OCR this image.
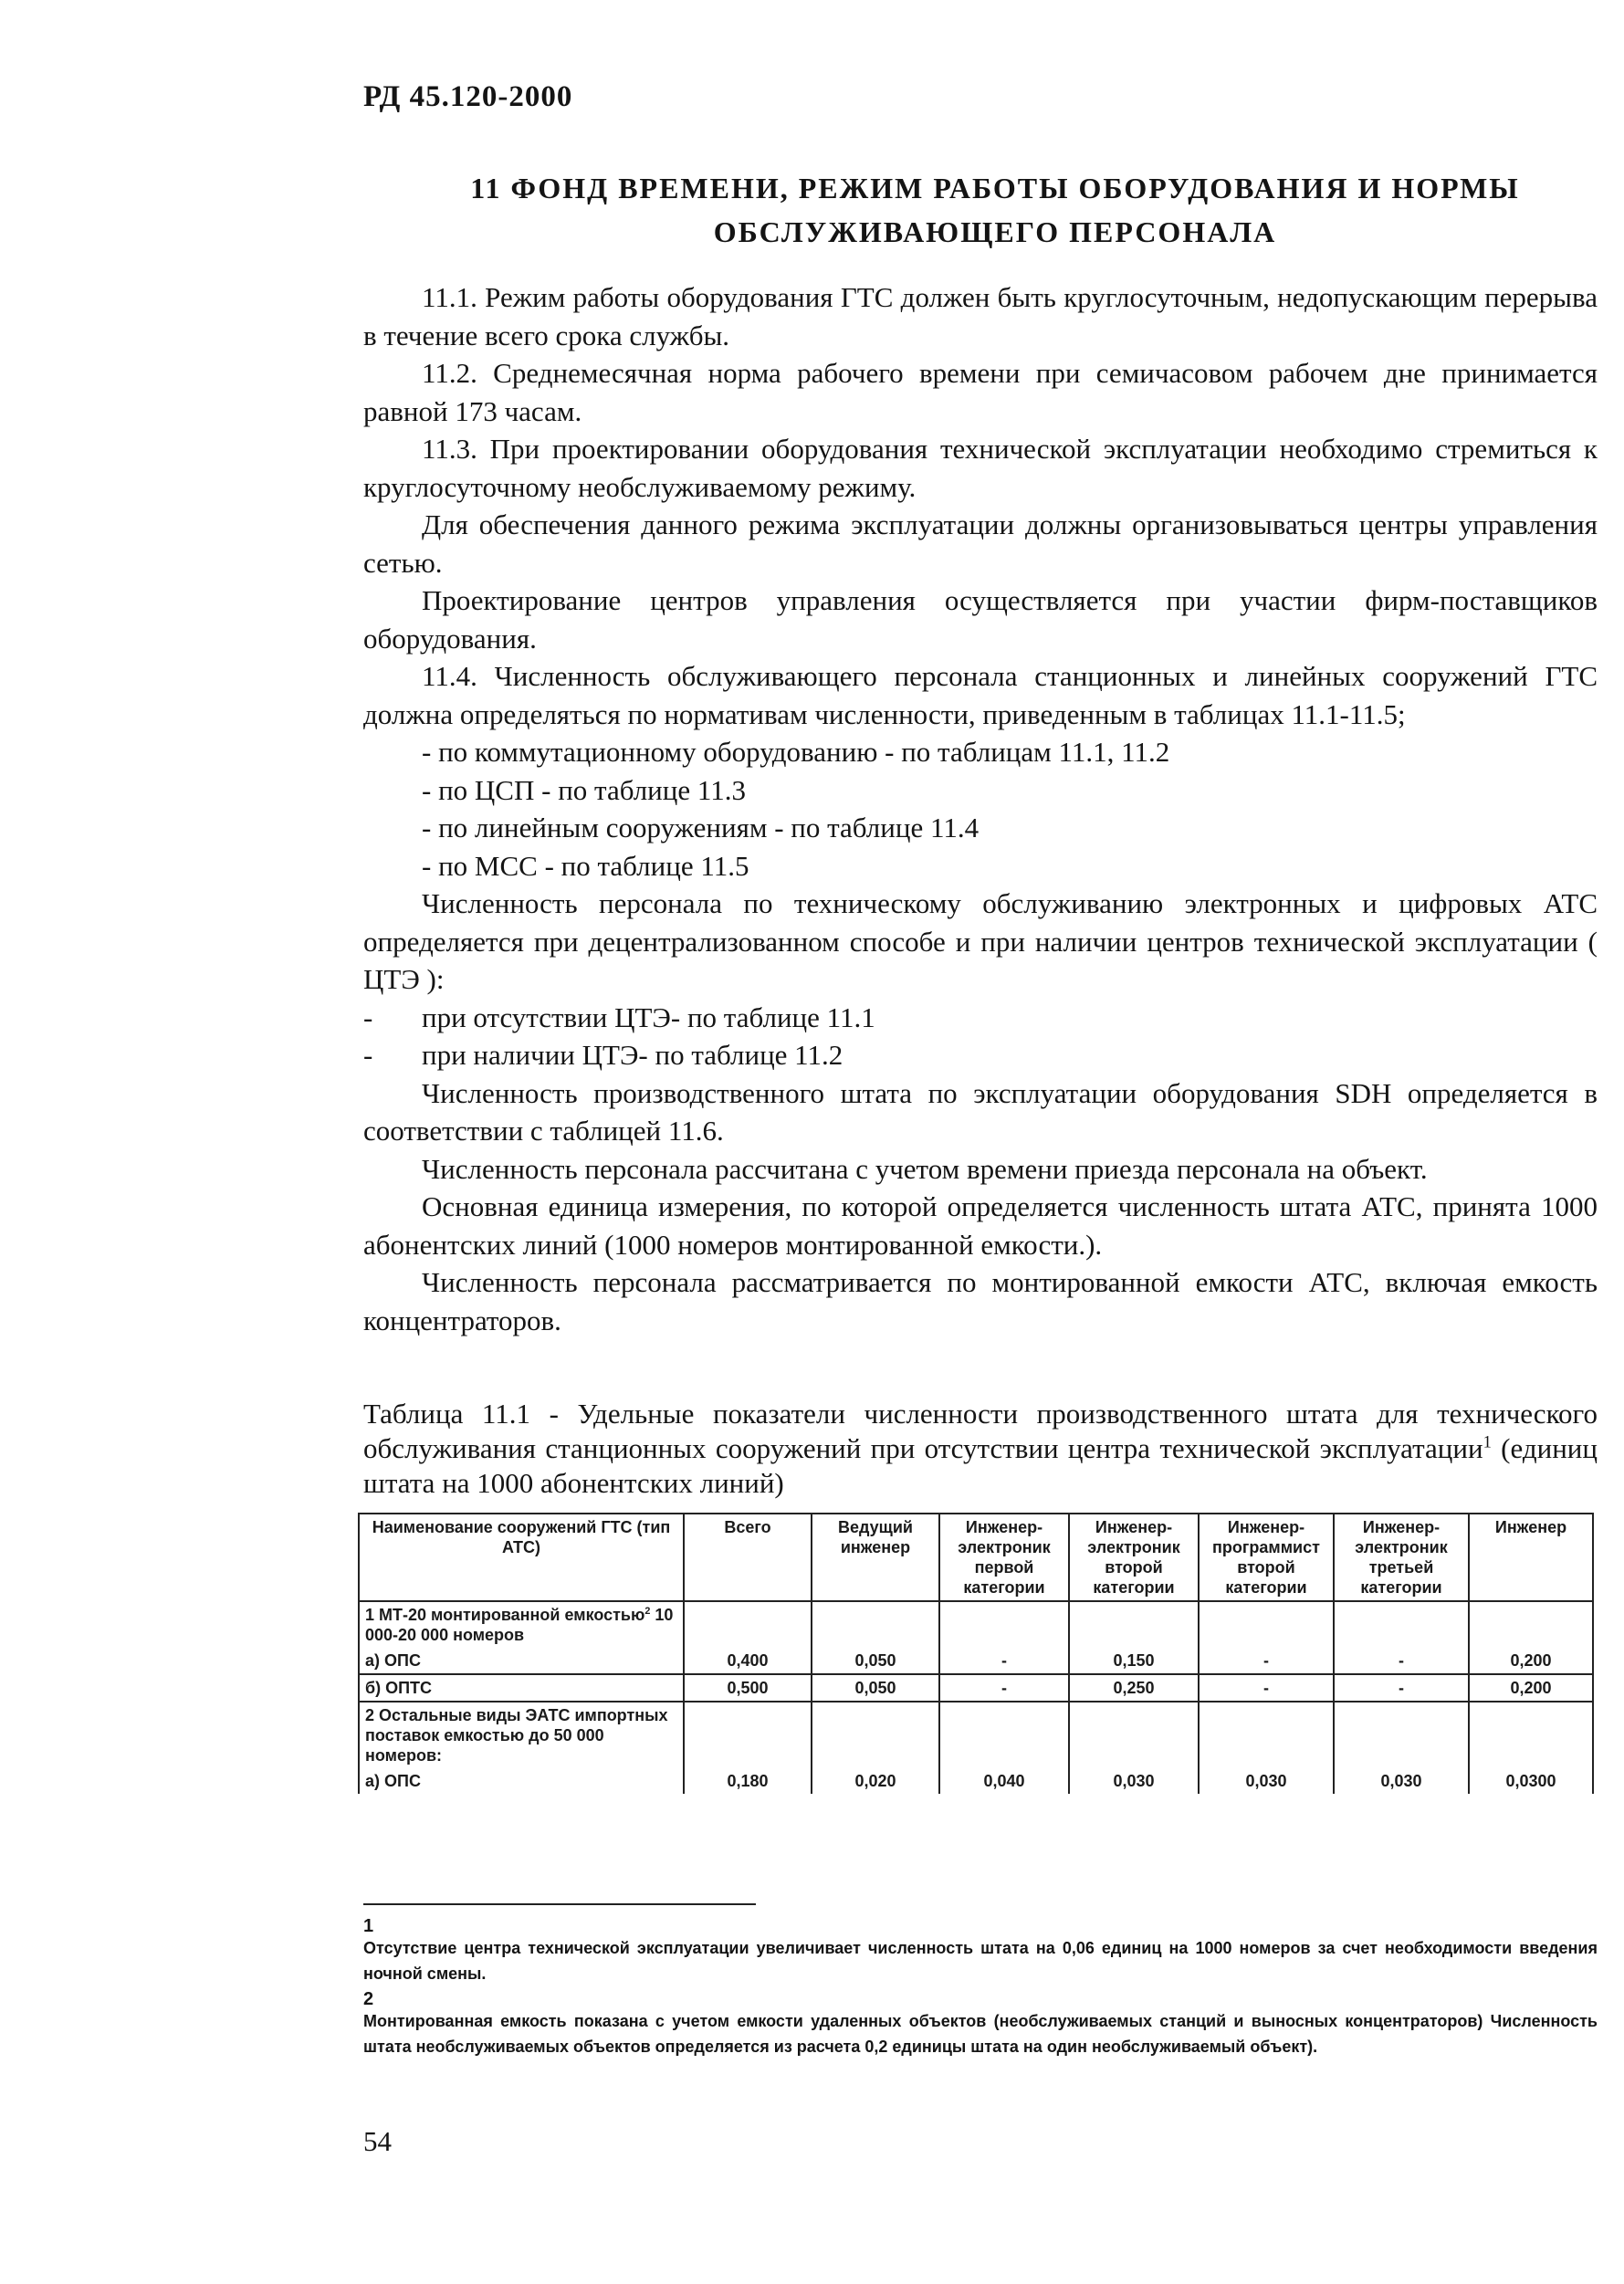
РД 45.120-2000
11 ФОНД ВРЕМЕНИ, РЕЖИМ РАБОТЫ ОБОРУДОВАНИЯ И НОРМЫ
ОБСЛУЖИВАЮЩЕГО ПЕРСОНАЛА

11.1. Режим работы оборудования ГТС должен быть круглосуточным, недопускающим перерыва в течение всего срока службы.

11.2. Среднемесячная норма рабочего времени при семичасовом рабочем дне принимается равной 173 часам.

11.3. При проектировании оборудования технической эксплуатации необходимо стремиться к круглосуточному необслуживаемому режиму.

Для обеспечения данного режима эксплуатации должны организовываться центры управления сетью.

Проектирование центров управления осуществляется при участии фирм-поставщиков оборудования.

11.4. Численность обслуживающего персонала станционных и линейных сооружений ГТС должна определяться по нормативам численности, приведенным в таблицах 11.1-11.5;

- по коммутационному оборудованию - по таблицам 11.1, 11.2

- по ЦСП - по таблице 11.3

- по линейным сооружениям - по таблице 11.4

- по МСС - по таблице 11.5

Численность персонала по техническому обслуживанию электронных и цифровых АТС определяется при децентрализованном способе и при наличии центров технической эксплуатации ( ЦТЭ ):

- при отсутствии ЦТЭ- по таблице 11.1

- при наличии ЦТЭ- по таблице 11.2

Численность производственного штата по эксплуатации оборудования SDH определяется в соответствии с таблицей 11.6.

Численность персонала рассчитана с учетом времени приезда персонала на объект.

Основная единица измерения, по которой определяется численность штата АТС, принята 1000 абонентских линий (1000 номеров монтированной емкости.).

Численность персонала рассматривается по монтированной емкости АТС, включая емкость концентраторов.

Таблица 11.1 - Удельные показатели численности производственного штата для технического обслуживания станционных сооружений при отсутствии центра технической эксплуатации$^1$ (единиц штата на 1000 абонентских линий)
Наименование сооружений ГТС (тип АТС)	Всего	Ведущий инженер	Инженер-электроник первой категории	Инженер-электроник второй категории	Инженер-программист второй категории	Инженер-электроник третьей категории	Инженер
1 МТ-20 монтированной емкостью$^2$ 10 000-20 000 номеров							
а) ОПС	0,400	0,050	-	0,150	-	-	0,200
б) ОПТС	0,500	0,050	-	0,250	-	-	0,200
2 Остальные виды ЭАТС импортных поставок емкостью до 50 000 номеров:							
а) ОПС	0,180	0,020	0,040	0,030	0,030	0,030	0,0300
1
Отсутствие центра технической эксплуатации увеличивает численность штата на 0,06 единиц на 1000 номеров за счет необходимости введения ночной смены.
2
Монтированная емкость показана с учетом емкости удаленных объектов (необслуживаемых станций и выносных концентраторов) Численность штата необслуживаемых объектов определяется из расчета 0,2 единицы штата на один необслуживаемый объект).
54
